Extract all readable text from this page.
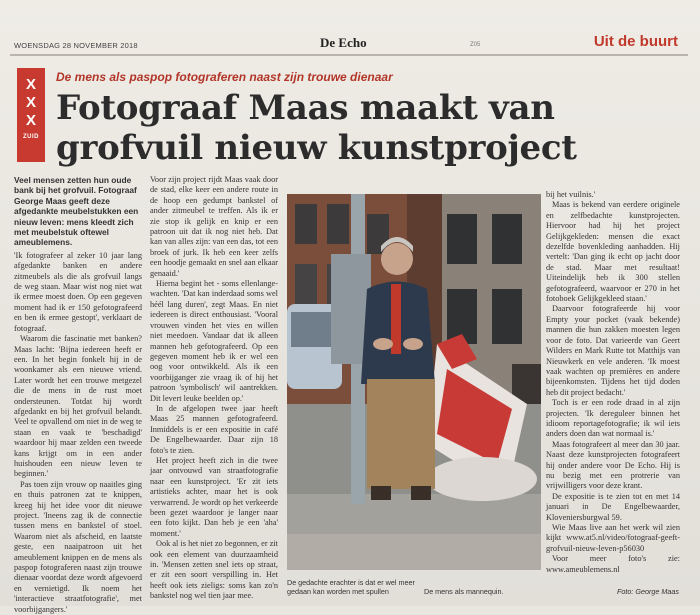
WOENSDAG 28 NOVEMBER 2018	De Echo	Z05	Uit de buurt
X
X
X
ZUID
De mens als paspop fotograferen naast zijn trouwe dienaar
Fotograaf Maas maakt van grofvuil nieuw kunstproject

Veel mensen zetten hun oude bank bij het grofvuil. Fotograaf George Maas geeft deze afgedankte meubelstukken een nieuw leven: mens kleedt zich met meubelstuk oftewel ameublemens.

'Ik fotografeer al zeker 10 jaar lang afgedankte banken en andere zitmeubels als die als grofvuil langs de weg staan. Maar wist nog niet wat ik ermee moest doen. Op een gegeven moment had ik er 150 gefotografeerd en ben ik ermee gestopt', verklaart de fotograaf.

Waarom die fascinatie met banken? Maas lacht: 'Bijna iedereen heeft er een. In het begin fonkelt hij in de woonkamer als een nieuwe vriend. Later wordt het een trouwe metgezel die de mens in de rust moet ondersteunen. Totdat hij wordt afgedankt en bij het grofvuil belandt. Veel te opvallend om niet in de weg te staan en vaak te 'beschadigd' waardoor hij maar zelden een tweede kans krijgt om in een ander huishouden een nieuw leven te beginnen.'

Pas toen zijn vrouw op naaitles ging en thuis patronen zat te knippen, kreeg hij het idee voor dit nieuwe project. 'Ineens zag ik de connectie tussen mens en bankstel of stoel. Waarom niet als afscheid, en laatste geste, een naaipatroon uit het ameublement knippen en de mens als paspop fotograferen naast zijn trouwe dienaar voordat deze wordt afgevoerd en vernietigd. Ik noem het 'interactieve straatfotografie', met voorbijgangers.'

Voor zijn project rijdt Maas vaak door de stad, elke keer een andere route in de hoop een gedumpt bankstel of ander zitmeubel te treffen. Als ik er zie stop ik gelijk en knip er een patroon uit dat ik nog niet heb. Dat kan van alles zijn: van een das, tot een broek of jurk. Ik heb een keer zelfs een hoodje gemaakt en snel aan elkaar genaaid.'

Hierna begint het - soms ellenlange- wachten. 'Dat kan inderdaad soms wel héél lang duren', zegt Maas. En niet iedereen is direct enthousiast. 'Vooral vrouwen vinden het vies en willen niet meedoen. Vandaar dat ik alleen mannen heb gefotografeerd. Op een gegeven moment heb ik er wel een oog voor ontwikkeld. Als ik een voorbijganger zie vraag ik of hij het patroon 'symbolisch' wil aantrekken. Dit levert leuke beelden op.'

In de afgelopen twee jaar heeft Maas 25 mannen gefotografeerd. Inmiddels is er een expositie in café De Engelbewaarder. Daar zijn 18 foto's te zien.

Het project heeft zich in die twee jaar ontvouwd van straatfotografie naar een kunstproject. 'Er zit iets artistieks achter, maar het is ook verwarrend. Je wordt op het verkeerde been gezet waardoor je langer naar een foto kijkt. Dan heb je een 'aha' moment.'

Ook al is het niet zo begonnen, er zit ook een element van duurzaamheid in. 'Mensen zetten snel iets op straat, er zit een soort verspilling in. Het heeft ook iets zieligs: soms kan zo'n bankstel nog wel tien jaar mee.

bij het vuilnis.'

Maas is bekend van eerdere originele en zelfbedachte kunstprojecten. Hiervoor had hij het project Gelijkgekleden: mensen die exact dezelfde bovenkleding aanhadden. Hij vertelt: 'Dan ging ik echt op jacht door de stad. Maar met resultaat! Uiteindelijk heb ik 300 stellen gefotografeerd, waarvoor er 270 in het fotoboek Gelijkgekleed staan.'

Daarvoor fotografeerde hij voor Empty your pocket (vaak bekende) mannen die hun zakken moesten legen voor de foto. Dat varieerde van Geert Wilders en Mark Rutte tot Matthijs van Nieuwkerk en vele anderen. 'Ik moest vaak wachten op premières en andere bijeenkomsten. Tijdens het tijd doden heb dit project bedacht.'

Toch is er een rode draad in al zijn projecten. 'Ik dereguleer binnen het idioom reportagefotografie; ik wil iets anders doen dan wat normaal is.'

Maas fotografeert al meer dan 30 jaar. Naast deze kunstprojecten fotografeert hij onder andere voor De Echo. Hij is nu bezig met een protrerie van vrijwilligers voor deze krant.

De expositie is te zien tot en met 14 januari in De Engelbewaarder, Kloveniersburgwal 59.

Wie Maas live aan het werk wil zien kijkt www.at5.nl/video/fotograaf-geeft-grofvuil-nieuw-leven-p56030

Voor meer foto's zie: www.ameublemens.nl

De gedachte erachter is dat er wel meer gedaan kan worden met spullen	De mens als mannequin.	Foto: George Maas
